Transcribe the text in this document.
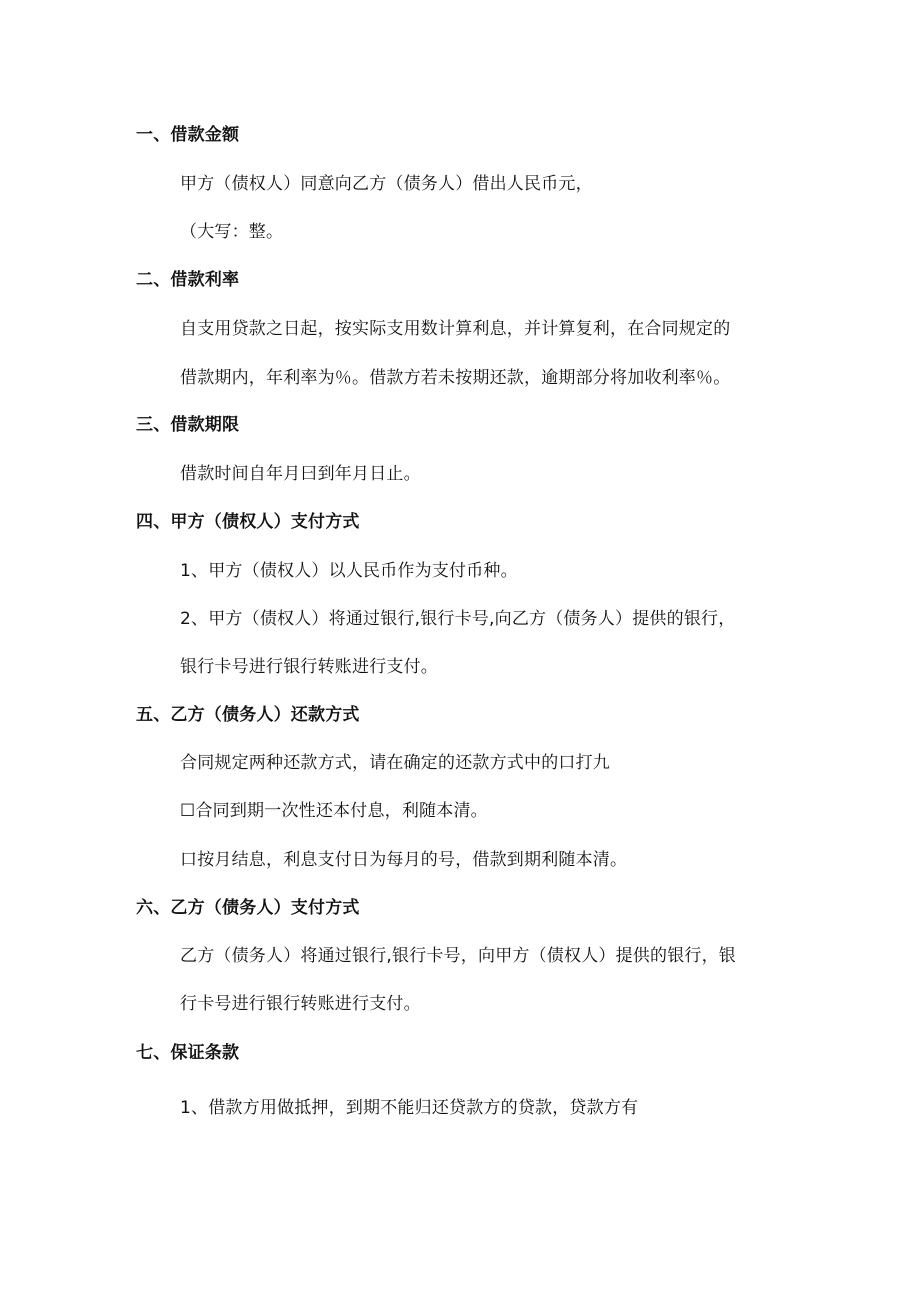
一、借款金额
甲方（债权人）同意向乙方（债务人）借出人民币元，
（大写：整。
二、借款利率
自支用贷款之日起，按实际支用数计算利息，并计算复利，在合同规定的
借款期内，年利率为％。借款方若未按期还款，逾期部分将加收利率％。
三、借款期限
借款时间自年月曰到年月日止。
四、甲方（债权人）支付方式
1、甲方（债权人）以人民币作为支付币种。
2、甲方（债权人）将通过银行,银行卡号,向乙方（债务人）提供的银行，
银行卡号进行银行转账进行支付。
五、乙方（债务人）还款方式
合同规定两种还款方式，请在确定的还款方式中的口打九
☐合同到期一次性还本付息，利随本清。
口按月结息，利息支付日为每月的号，借款到期利随本清。
六、乙方（债务人）支付方式
乙方（债务人）将通过银行,银行卡号，向甲方（债权人）提供的银行，银
行卡号进行银行转账进行支付。
七、保证条款
1、借款方用做抵押，到期不能归还贷款方的贷款，贷款方有
